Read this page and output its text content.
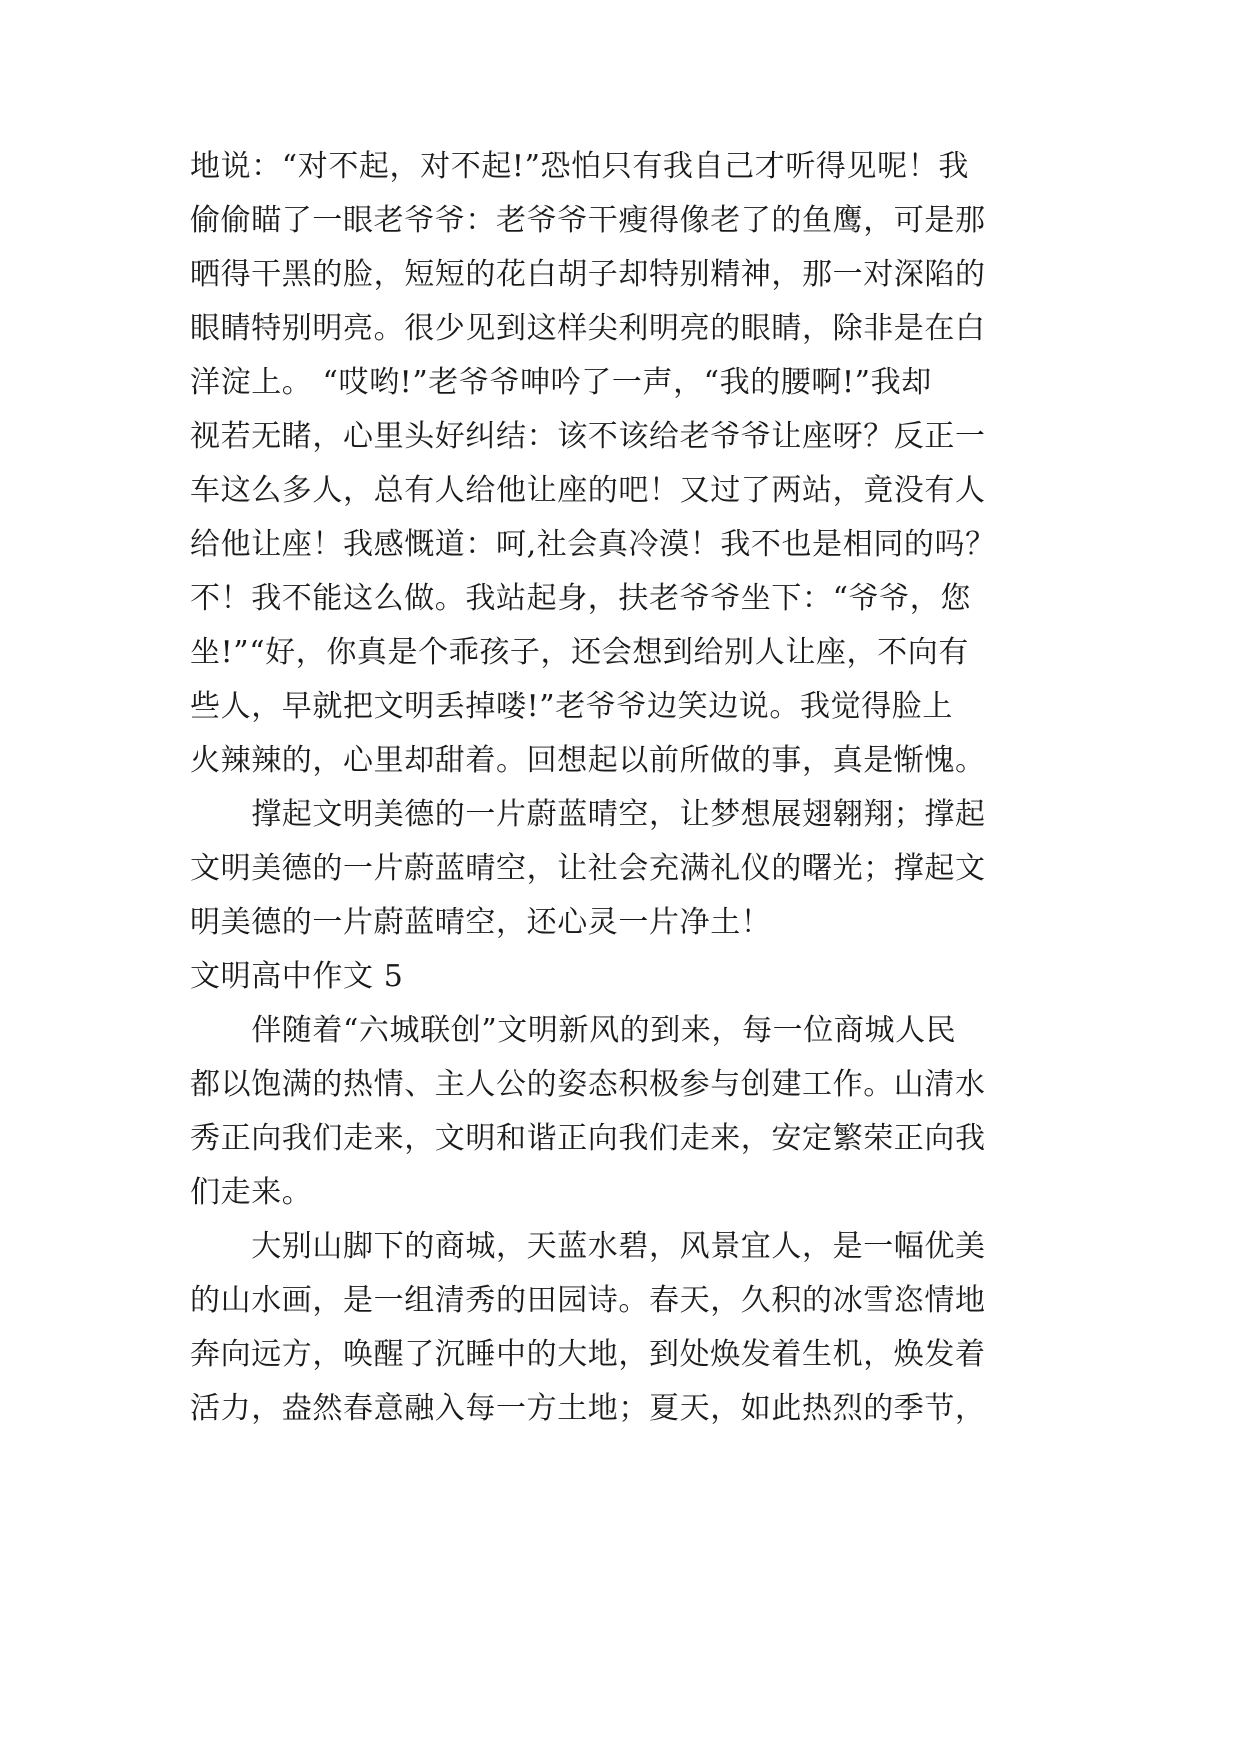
地说：“对不起，对不起!”恐怕只有我自己才听得见呢！我
偷偷瞄了一眼老爷爷：老爷爷干瘦得像老了的鱼鹰，可是那
晒得干黑的脸，短短的花白胡子却特别精神，那一对深陷的
眼睛特别明亮。很少见到这样尖利明亮的眼睛，除非是在白
洋淀上。 “哎哟!”老爷爷呻吟了一声，“我的腰啊!”我却
视若无睹，心里头好纠结：该不该给老爷爷让座呀？反正一
车这么多人，总有人给他让座的吧！又过了两站，竟没有人
给他让座！我感慨道：呵,社会真冷漠！我不也是相同的吗？
不！我不能这么做。我站起身，扶老爷爷坐下：“爷爷，您
坐!”“好，你真是个乖孩子，还会想到给别人让座，不向有
些人，早就把文明丢掉喽!”老爷爷边笑边说。我觉得脸上
火辣辣的，心里却甜着。回想起以前所做的事，真是惭愧。
　　撑起文明美德的一片蔚蓝晴空，让梦想展翅翱翔；撑起
文明美德的一片蔚蓝晴空，让社会充满礼仪的曙光；撑起文
明美德的一片蔚蓝晴空，还心灵一片净土！
文明高中作文 5
　　伴随着“六城联创”文明新风的到来，每一位商城人民
都以饱满的热情、主人公的姿态积极参与创建工作。山清水
秀正向我们走来，文明和谐正向我们走来，安定繁荣正向我
们走来。
　　大别山脚下的商城，天蓝水碧，风景宜人，是一幅优美
的山水画，是一组清秀的田园诗。春天，久积的冰雪恣情地
奔向远方，唤醒了沉睡中的大地，到处焕发着生机，焕发着
活力，盎然春意融入每一方土地；夏天，如此热烈的季节，
